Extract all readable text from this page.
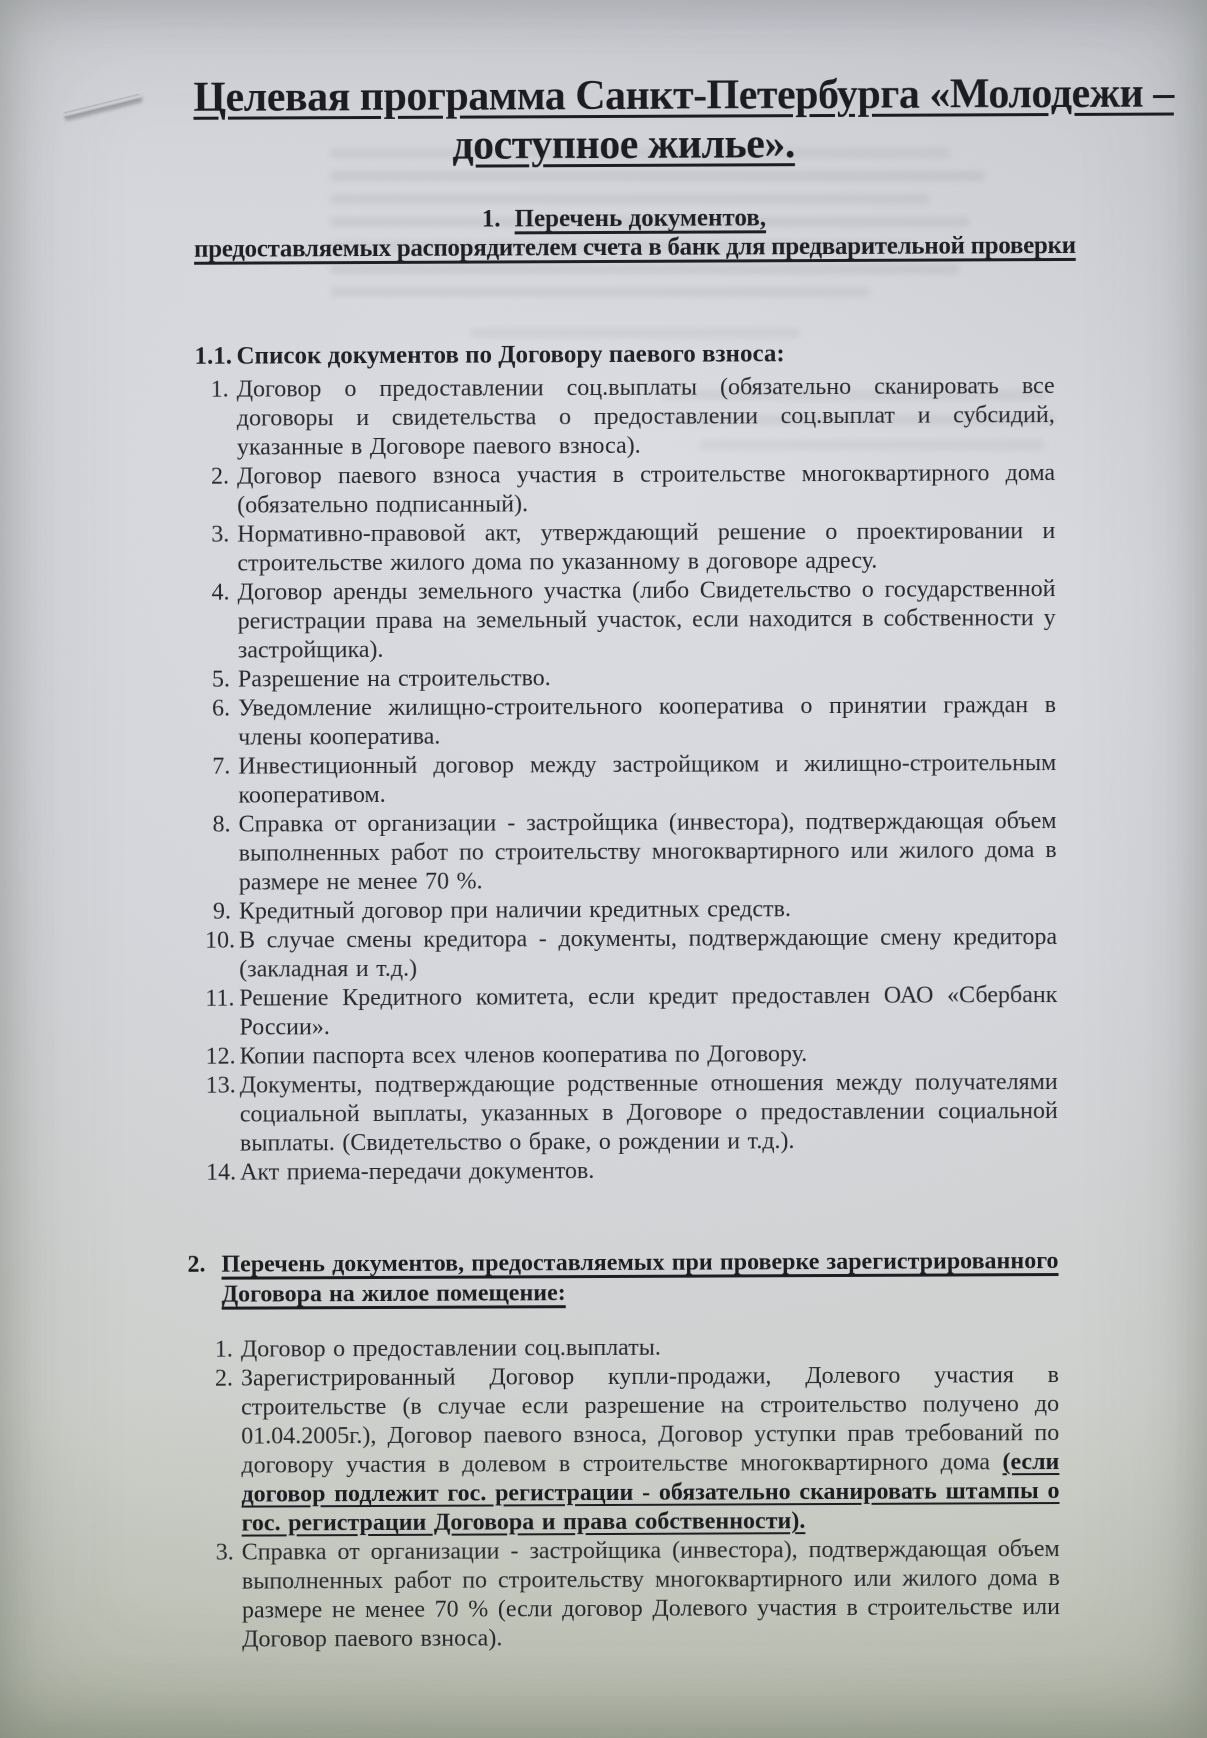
Целевая программа Санкт-Петербурга «Молодежи –
доступное жилье».
1. Перечень документов,
предоставляемых распорядителем счета в банк для предварительной проверки
1.1. Список документов по Договору паевого взноса:
1. Договор о предоставлении соц.выплаты (обязательно сканировать все договоры и свидетельства о предоставлении соц.выплат и субсидий, указанные в Договоре паевого взноса).
2. Договор паевого взноса участия в строительстве многоквартирного дома (обязательно подписанный).
3. Нормативно-правовой акт, утверждающий решение о проектировании и строительстве жилого дома по указанному в договоре адресу.
4. Договор аренды земельного участка (либо Свидетельство о государственной регистрации права на земельный участок, если находится в собственности у застройщика).
5. Разрешение на строительство.
6. Уведомление жилищно-строительного кооператива о принятии граждан в члены кооператива.
7. Инвестиционный договор между застройщиком и жилищно-строительным кооперативом.
8. Справка от организации - застройщика (инвестора), подтверждающая объем выполненных работ по строительству многоквартирного или жилого дома в размере не менее 70 %.
9. Кредитный договор при наличии кредитных средств.
10. В случае смены кредитора - документы, подтверждающие смену кредитора (закладная и т.д.)
11. Решение Кредитного комитета, если кредит предоставлен ОАО «Сбербанк России».
12. Копии паспорта всех членов кооператива по Договору.
13. Документы, подтверждающие родственные отношения между получателями социальной выплаты, указанных в Договоре о предоставлении социальной выплаты. (Свидетельство о браке, о рождении и т.д.).
14. Акт приема-передачи документов.
2. Перечень документов, предоставляемых при проверке зарегистрированного
Договора на жилое помещение:
1. Договор о предоставлении соц.выплаты.
2. Зарегистрированный Договор купли-продажи, Долевого участия в строительстве (в случае если разрешение на строительство получено до 01.04.2005г.), Договор паевого взноса, Договор уступки прав требований по договору участия в долевом в строительстве многоквартирного дома (если договор подлежит гос. регистрации - обязательно сканировать штампы о гос. регистрации Договора и права собственности).
3. Справка от организации - застройщика (инвестора), подтверждающая объем выполненных работ по строительству многоквартирного или жилого дома в размере не менее 70 % (если договор Долевого участия в строительстве или Договор паевого взноса).
